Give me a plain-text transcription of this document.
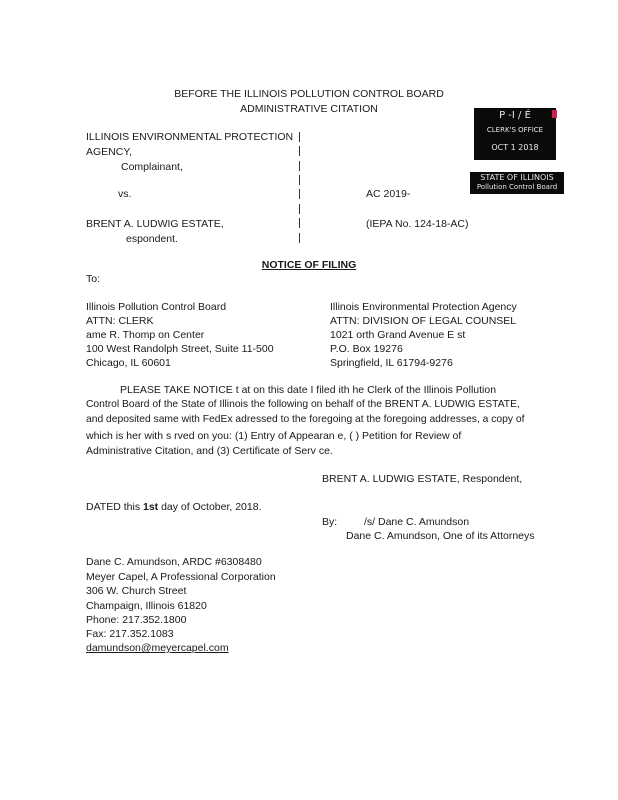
BEFORE THE ILLINOIS POLLUTION CONTROL BOARD
ADMINISTRATIVE CITATION
P -I / É
CLERK'S OFFICE
OCT 1 2018
STATE OF ILLINOIS
Pollution Control Board
ILLINOIS ENVIRONMENTAL PROTECTION
AGENCY,
Complainant,
vs.
BRENT A. LUDWIG ESTATE,
espondent.
AC 2019-
(IEPA No. 124-18-AC)
NOTICE OF FILING
To:
Illinois Pollution Control Board
ATTN: CLERK
ame R. Thomp on Center
100 West Randolph Street, Suite 11-500
Chicago, IL 60601
Illinois Environmental Protection Agency
ATTN: DIVISION OF LEGAL COUNSEL
1021 orth Grand Avenue E st
P.O. Box 19276
Springfield, IL 61794-9276
PLEASE TAKE NOTICE t at on this date I filed ith he Clerk of the Illinois Pollution
Control Board of the State of Illinois the following on behalf of the BRENT A. LUDWIG ESTATE,
and deposited same with FedEx adressed to the foregoing at the foregoing addresses, a copy of
which is her with s rved on you: (1) Entry of Appearan e, ( ) Petition for Review of
Administrative Citation, and (3) Certificate of Serv ce.
BRENT A. LUDWIG ESTATE, Respondent,
DATED this 1st day of October, 2018.
By:	/s/ Dane C. Amundson
Dane C. Amundson, One of its Attorneys
Dane C. Amundson, ARDC #6308480
Meyer Capel, A Professional Corporation
306 W. Church Street
Champaign, Illinois 61820
Phone: 217.352.1800
Fax: 217.352.1083
damundson@meyercapel.com
